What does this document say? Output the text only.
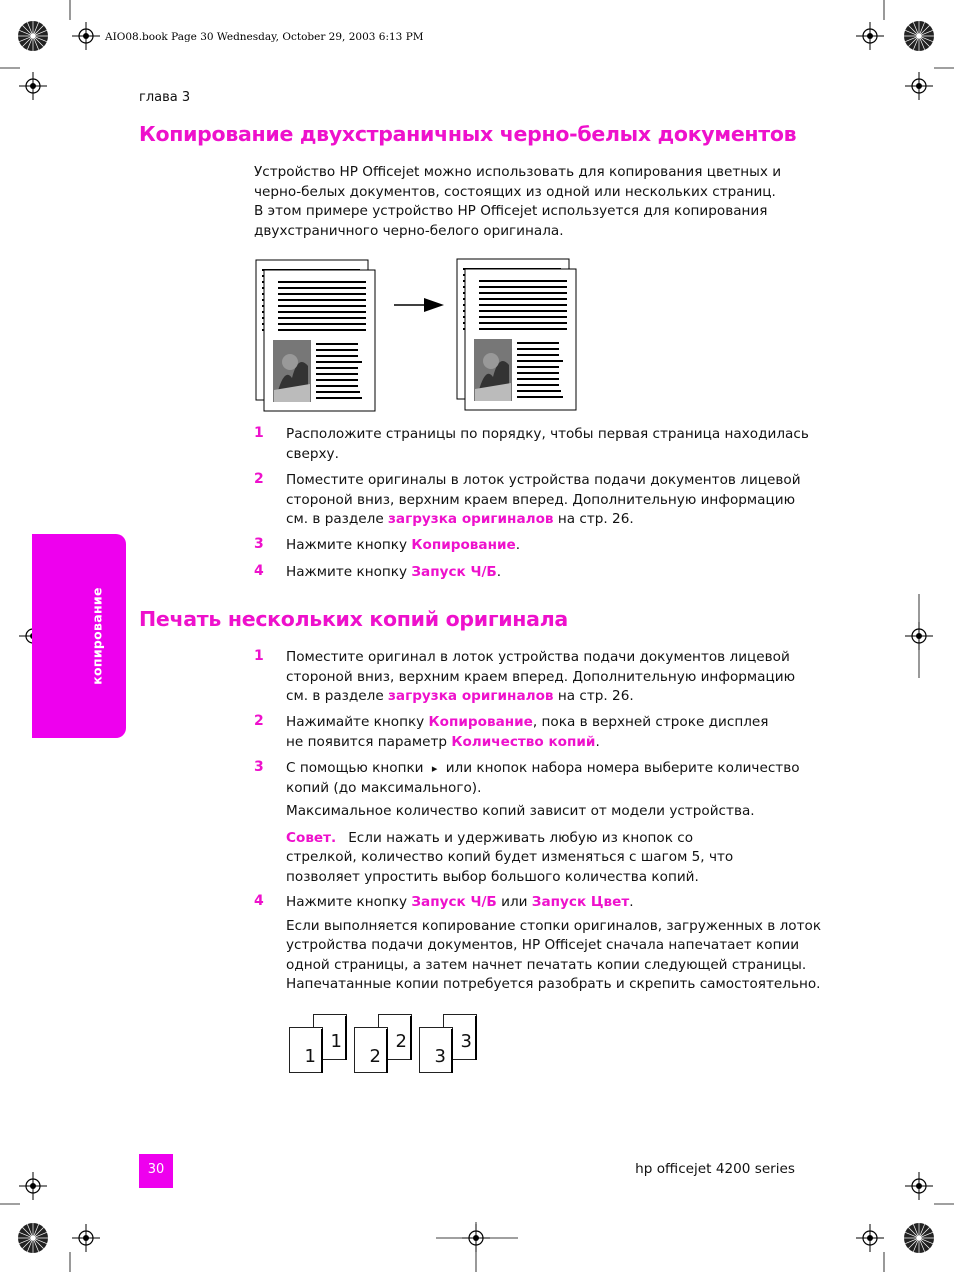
AIO08.book Page 30 Wednesday, October 29, 2003 6:13 PM
глава 3
Копирование двухстраничных черно-белых документов
Устройство HP Officejet можно использовать для копирования цветных и
черно-белых документов, состоящих из одной или нескольких страниц.
В этом примере устройство HP Officejet используется для копирования
двухстраничного черно-белого оригинала.
1 Расположите страницы по порядку, чтобы первая страница находилась
сверху.
2 Поместите оригиналы в лоток устройства подачи документов лицевой
стороной вниз, верхним краем вперед. Дополнительную информацию
см. в разделе загрузка оригиналов на стр. 26.
3 Нажмите кнопку Копирование.
4 Нажмите кнопку Запуск Ч/Б.
Печать нескольких копий оригинала
1 Поместите оригинал в лоток устройства подачи документов лицевой
стороной вниз, верхним краем вперед. Дополнительную информацию
см. в разделе загрузка оригиналов на стр. 26.
2 Нажимайте кнопку Копирование, пока в верхней строке дисплея
не появится параметр Количество копий.
3 С помощью кнопки ▸ или кнопок набора номера выберите количество
копий (до максимального).
Максимальное количество копий зависит от модели устройства.
Совет. Если нажать и удерживать любую из кнопок со
стрелкой, количество копий будет изменяться с шагом 5, что
позволяет упростить выбор большого количества копий.
4 Нажмите кнопку Запуск Ч/Б или Запуск Цвет.
Если выполняется копирование стопки оригиналов, загруженных в лоток
устройства подачи документов, HP Officejet сначала напечатает копии
одной страницы, а затем начнет печатать копии следующей страницы.
Напечатанные копии потребуется разобрать и скрепить самостоятельно.
1
1
2
2
3
3
копирование
30	hp officejet 4200 series
